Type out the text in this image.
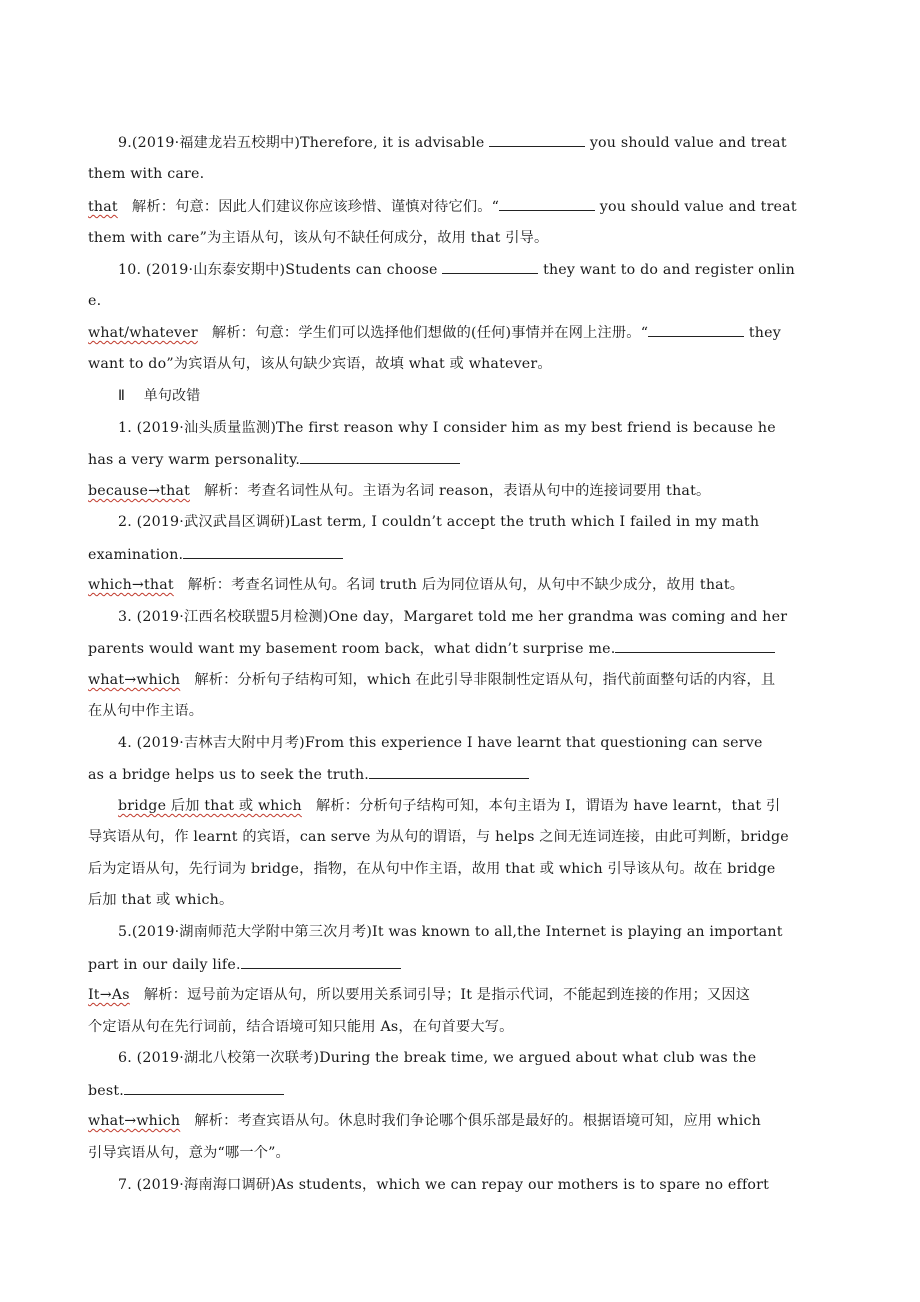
9.(2019·福建龙岩五校期中)Therefore, it is advisable	you should value and treat
them with care.
that   解析：句意：因此人们建议你应该珍惜、谨慎对待它们。“	you should value and treat
them with care”为主语从句，该从句不缺任何成分，故用 that 引导。
10. (2019·山东泰安期中)Students can choose	they want to do and register onlin
e.
what/whatever   解析：句意：学生们可以选择他们想做的(任何)事情并在网上注册。“	they
want to do”为宾语从句，该从句缺少宾语，故填 what 或 whatever。
Ⅱ    单句改错
1. (2019·汕头质量监测)The first reason why I consider him as my best friend is because he
has a very warm personality.
because→that   解析：考查名词性从句。主语为名词 reason，表语从句中的连接词要用 that。
2. (2019·武汉武昌区调研)Last term, I couldn’t accept the truth which I failed in my math
examination.
which→that   解析：考查名词性从句。名词 truth 后为同位语从句，从句中不缺少成分，故用 that。
3. (2019·江西名校联盟5月检测)One day，Margaret told me her grandma was coming and her
parents would want my basement room back，what didn’t surprise me.
what→which   解析：分析句子结构可知，which 在此引导非限制性定语从句，指代前面整句话的内容，且
在从句中作主语。
4. (2019·吉林吉大附中月考)From this experience I have learnt that questioning can serve
as a bridge helps us to seek the truth.
bridge 后加 that 或 which   解析：分析句子结构可知，本句主语为 I，谓语为 have learnt，that 引
导宾语从句，作 learnt 的宾语，can serve 为从句的谓语，与 helps 之间无连词连接，由此可判断，bridge
后为定语从句，先行词为 bridge，指物，在从句中作主语，故用 that 或 which 引导该从句。故在 bridge
后加 that 或 which。
5.(2019·湖南师范大学附中第三次月考)It was known to all,the Internet is playing an important
part in our daily life.
It→As   解析：逗号前为定语从句，所以要用关系词引导；It 是指示代词，不能起到连接的作用；又因这
个定语从句在先行词前，结合语境可知只能用 As，在句首要大写。
6. (2019·湖北八校第一次联考)During the break time, we argued about what club was the
best.
what→which   解析：考查宾语从句。休息时我们争论哪个俱乐部是最好的。根据语境可知，应用 which
引导宾语从句，意为“哪一个”。
7. (2019·海南海口调研)As students，which we can repay our mothers is to spare no effort
